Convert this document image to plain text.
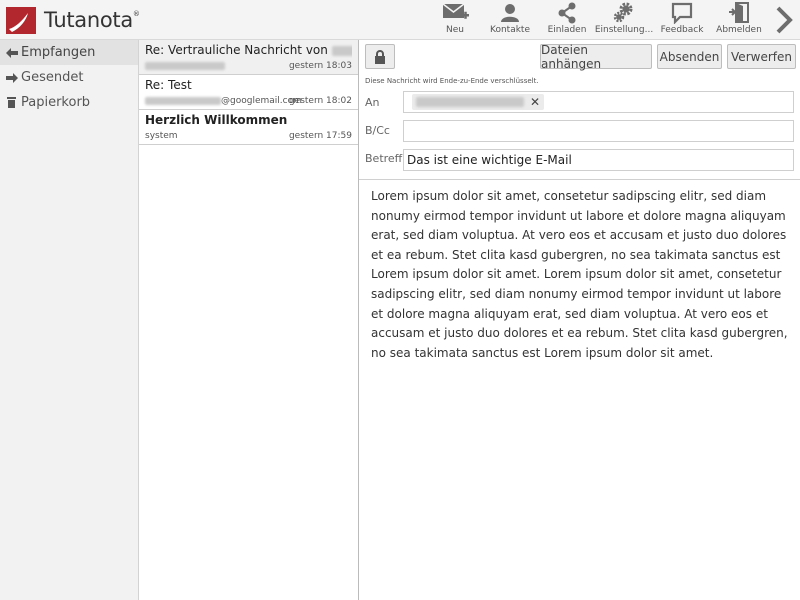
Tutanota®
Neu	Kontakte Einladen Einstellung... Feedback Abmelden
Empfangen
Gesendet
Papierkorb
Re: Vertrauliche Nachricht von
gestern 18:03
Re: Test
@googlemail.com
gestern 18:02
Herzlich Willkommen
system	gestern 17:59
Dateien anhängen	Absenden Verwerfen
Diese Nachricht wird Ende-zu-Ende verschlüsselt.
An	✕
B/Cc
Betreff Das ist eine wichtige E-Mail
Lorem ipsum dolor sit amet, consetetur sadipscing elitr, sed diam nonumy eirmod tempor invidunt ut labore et dolore magna aliquyam erat, sed diam voluptua. At vero eos et accusam et justo duo dolores et ea rebum. Stet clita kasd gubergren, no sea takimata sanctus est Lorem ipsum dolor sit amet. Lorem ipsum dolor sit amet, consetetur sadipscing elitr, sed diam nonumy eirmod tempor invidunt ut labore et dolore magna aliquyam erat, sed diam voluptua. At vero eos et accusam et justo duo dolores et ea rebum. Stet clita kasd gubergren, no sea takimata sanctus est Lorem ipsum dolor sit amet.
